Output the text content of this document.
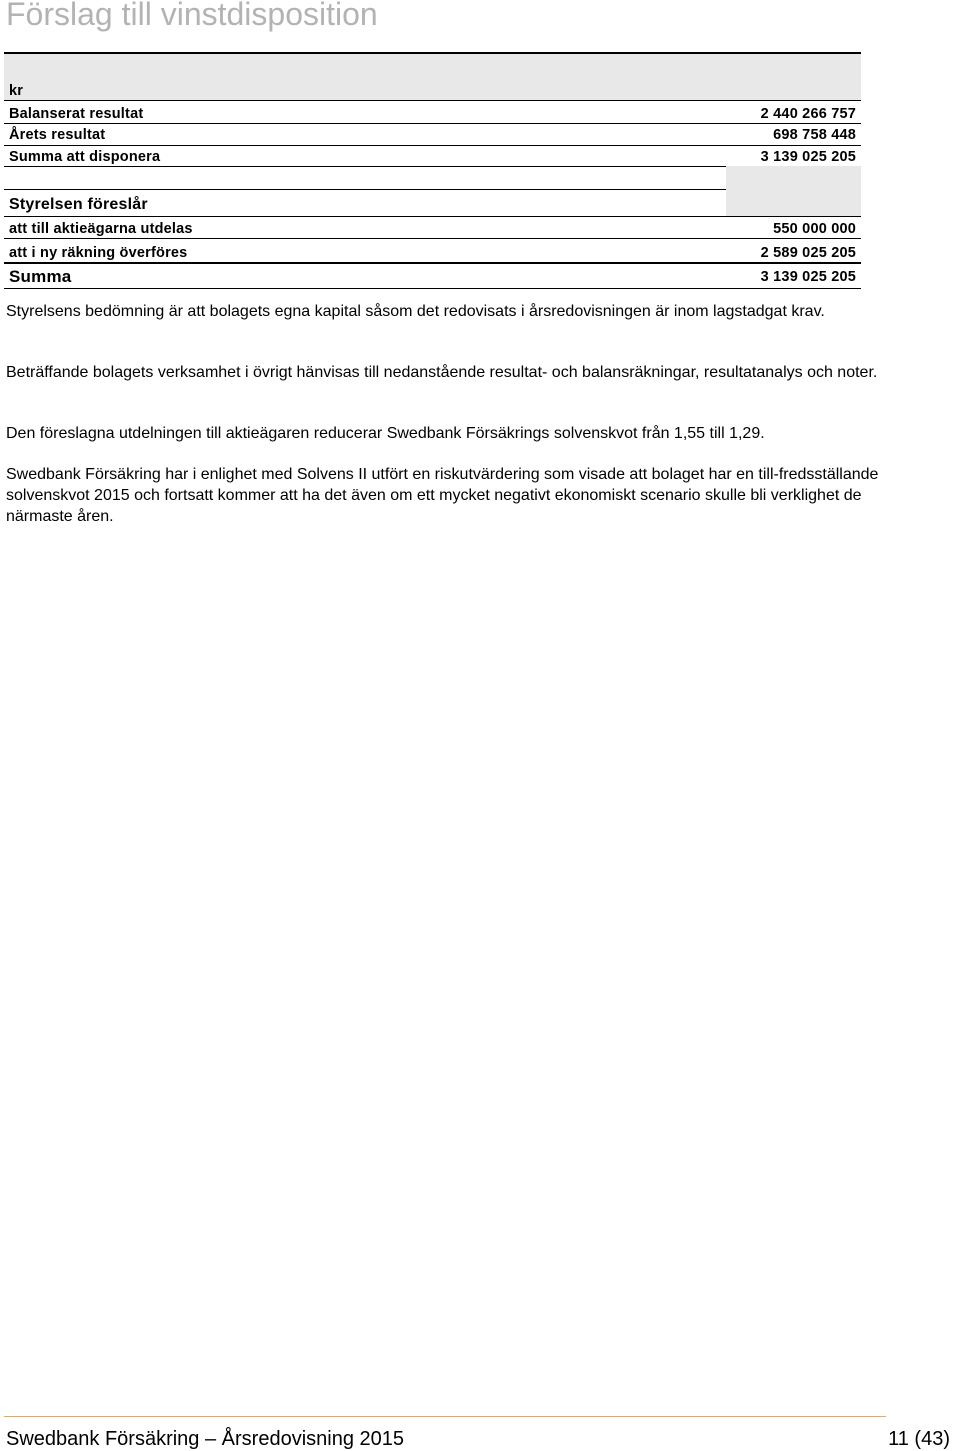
Förslag till vinstdisposition
kr
Balanserat resultat	2 440 266 757
Årets resultat	698 758 448
Summa att disponera	3 139 025 205
Styrelsen föreslår
att till aktieägarna utdelas	550 000 000
att i ny räkning överföres	2 589 025 205
Summa	3 139 025 205

Styrelsens bedömning är att bolagets egna kapital såsom det redovisats i årsredovisningen är inom lagstadgat krav.

Beträffande bolagets verksamhet i övrigt hänvisas till nedanstående resultat- och balansräkningar, resultatanalys och noter.

Den föreslagna utdelningen till aktieägaren reducerar Swedbank Försäkrings solvenskvot från 1,55 till 1,29.

Swedbank Försäkring har i enlighet med Solvens II utfört en riskutvärdering som visade att bolaget har en till-fredsställande solvenskvot 2015 och fortsatt kommer att ha det även om ett mycket negativt ekonomiskt scenario skulle bli verklighet de närmaste åren.

Swedbank Försäkring – Årsredovisning 2015	11 (43)
